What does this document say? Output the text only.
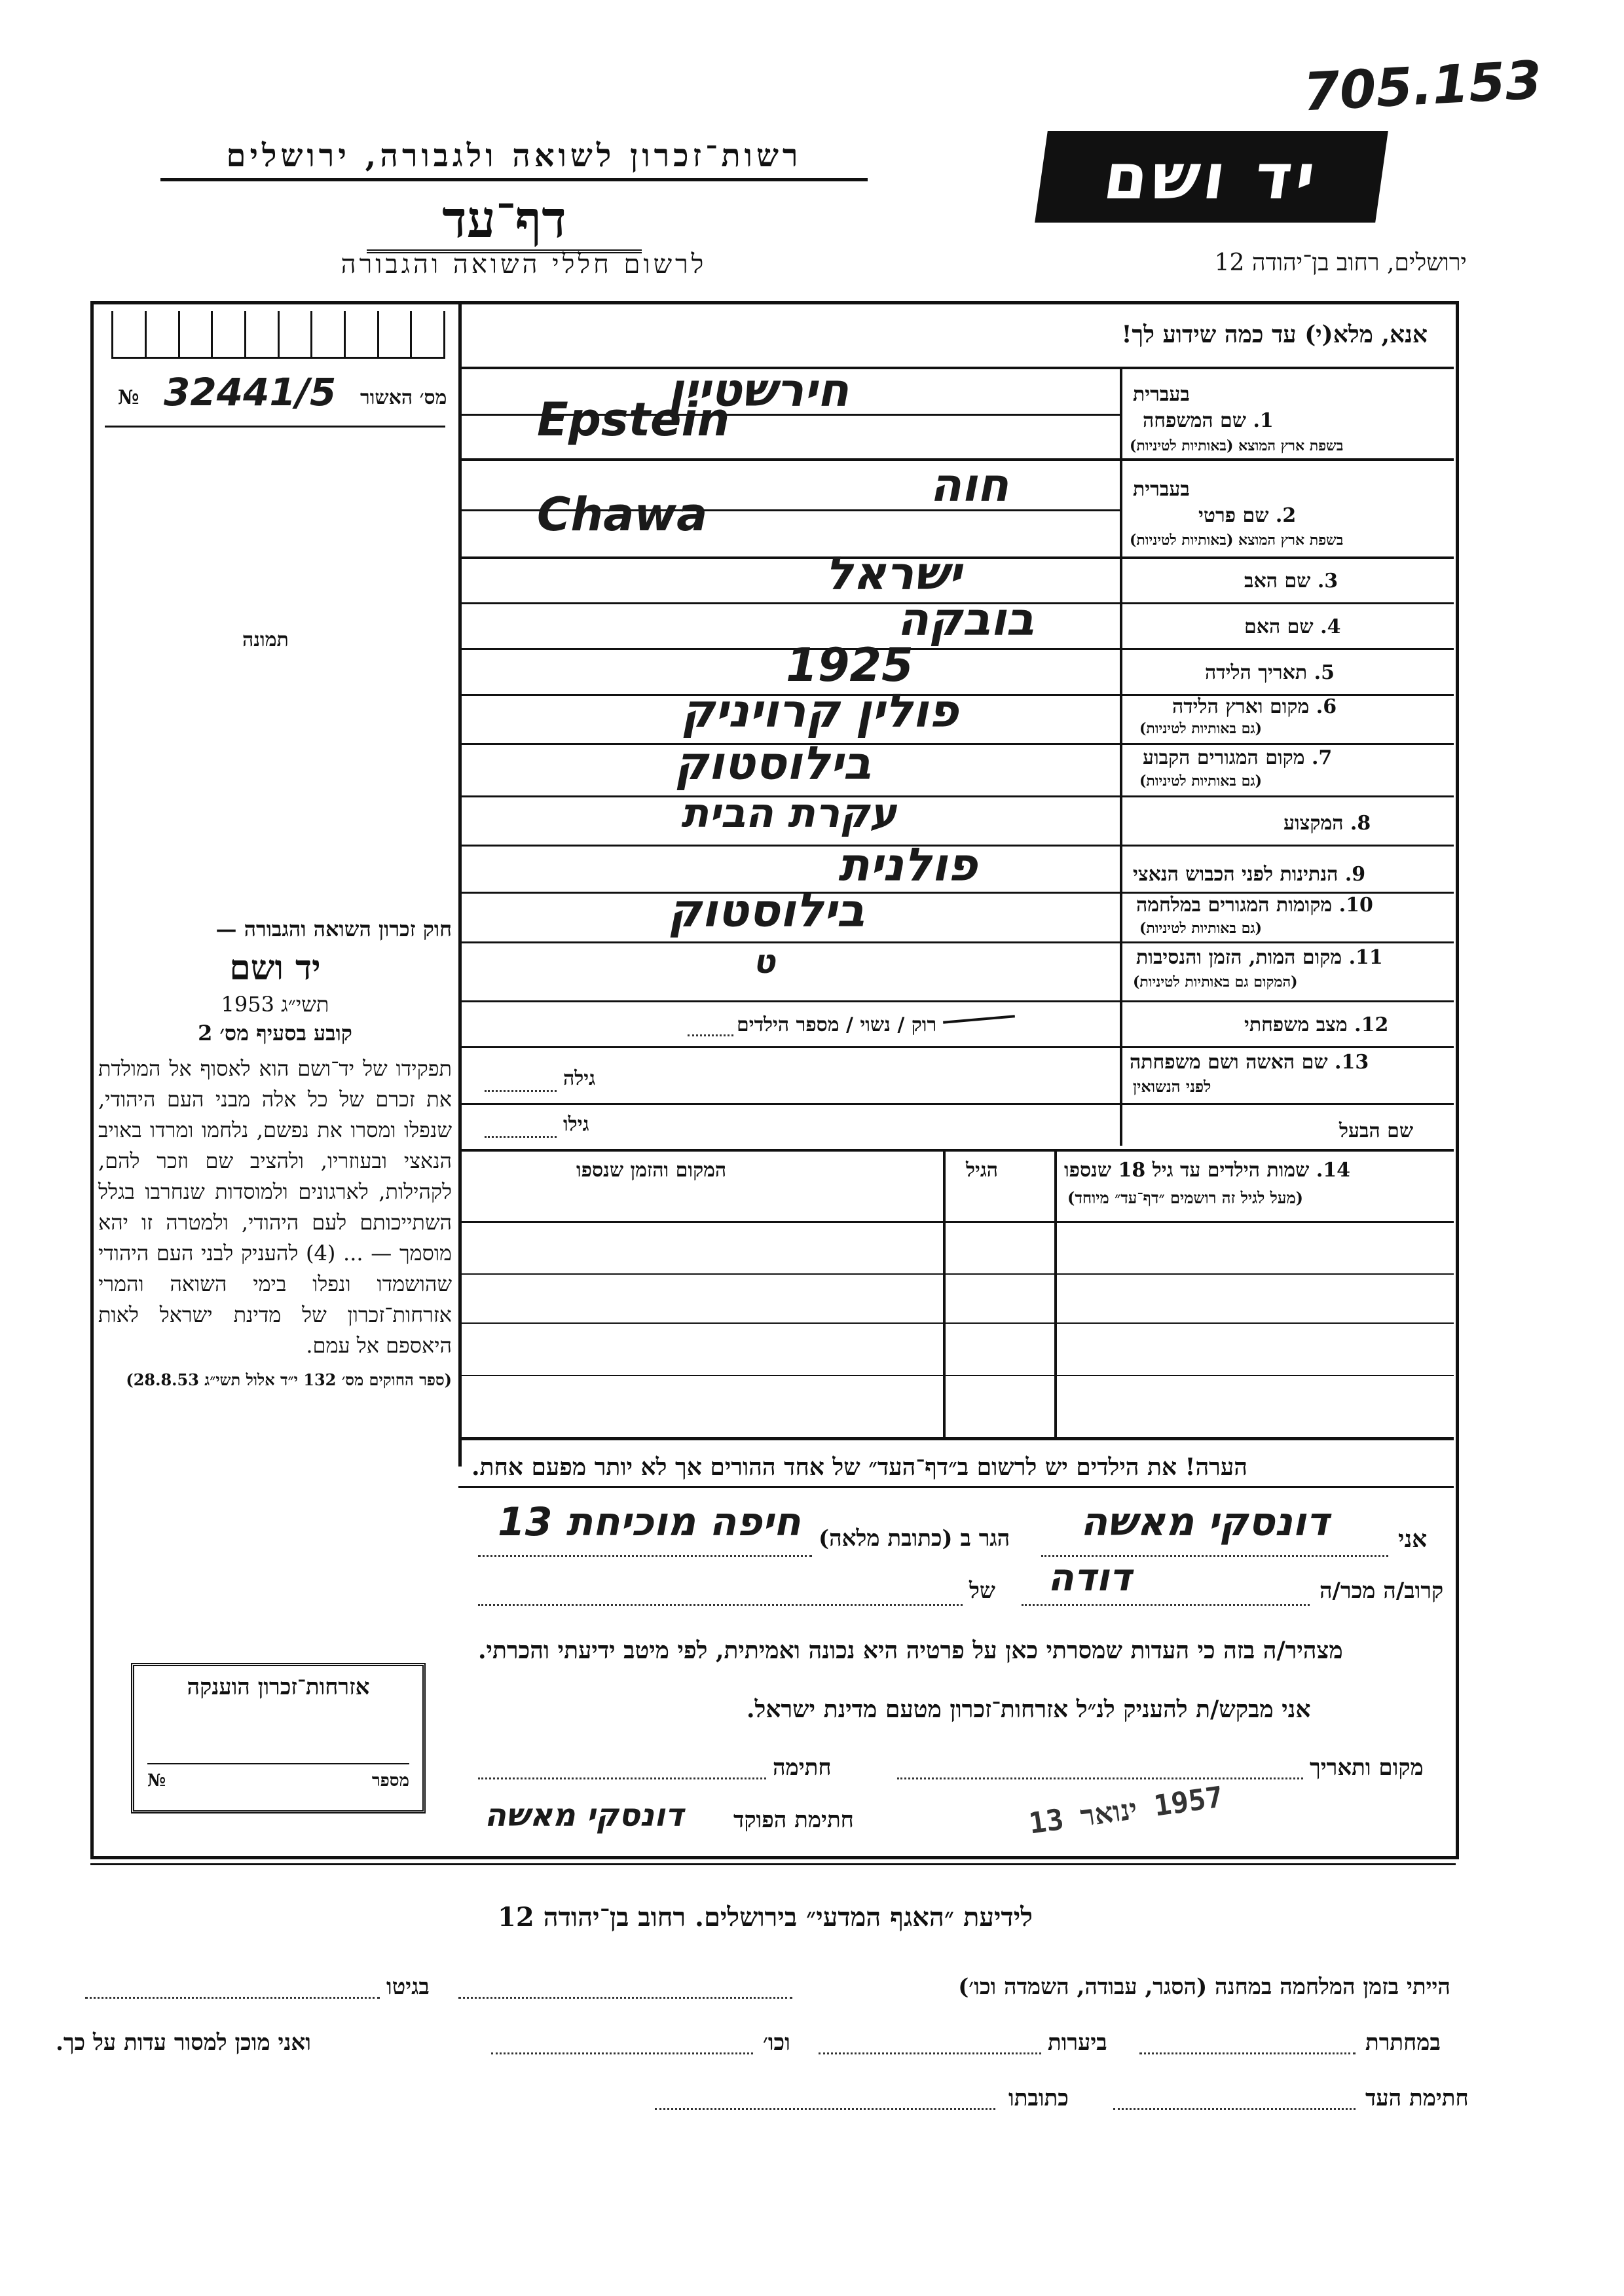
705.153
רשות־זכרון לשואה ולגבורה, ירושלים
דף־עד
לרשום חללי השואה והגבורה
יד ושם
ירושלים, רחוב בן־יהודה 12
אנא, מלא(י) עד כמה שידוע לך!
מס׳ האשור
№ 32441/5
תמונה
בעברית
1. שם המשפחה
בשפת ארץ המוצא (באותיות לטיניות)
חירשטיין
Epstein
בעברית
2. שם פרטי
בשפת ארץ המוצא (באותיות לטיניות)
חוה
Chawa
3. שם האב
ישראל
4. שם האם
בובקה
5. תאריך הלידה
1925
6. מקום וארץ הלידה
(גם באותיות לטיניות)
פולין קרויניק
7. מקום המגורים הקבוע
(גם באותיות לטיניות)
בילוסטוק
8. המקצוע
עקרת הבית
9. הנתינות לפני הכבוש הנאצי
פולנית
10. מקומות המגורים במלחמה
(גם באותיות לטיניות)
בילוסטוק
11. מקום המות, הזמן והנסיבות
(המקום גם באותיות לטיניות)
ט
12. מצב משפחתי
רוק / נשוי / מספר הילדים
13. שם האשה ושם משפחתה
לפני הנשואין
גילה
שם הבעל
גילו
14. שמות הילדים עד גיל 18 שנספו
(מעל לגיל זה רושמים ״דף־עד״ מיוחד)
הגיל
המקום והזמן שנספו
חוק זכרון השואה והגבורה —
יד ושם
תשי״ג 1953
קובע בסעיף מס׳ 2
תפקידו של יד־ושם הוא לאסוף אל המולדת את זכרם של כל אלה מבני העם היהודי, שנפלו ומסרו את נפשם, נלחמו ומרדו באויב הנאצי ובעוזריו, ולהציב שם וזכר להם, לקהילות, לארגונים ולמוסדות שנחרבו בגלל השתייכותם לעם היהודי, ולמטרה זו יהא מוסמך — ... (4) להעניק לבני העם היהודי שהושמדו ונפלו בימי השואה והמרי אזרחות־זכרון של מדינת ישראל לאות היאספם אל עמם.
(ספר החוקים מס׳ 132 י״ד אלול תשי״ג 28.8.53)
אזרחות־זכרון הוענקה
מספר
№
הערה! את הילדים יש לרשום ב״דף־העד״ של אחד ההורים אך לא יותר מפעם אחת.
אני
דונסקי מאשה
הגר ב (כתובת מלאה)
חיפה מוכיחת 13
קרוב/ה מכר/ה
דודה
של
מצהיר/ה בזה כי העדות שמסרתי כאן על פרטיה היא נכונה ואמיתית, לפי מיטב ידיעתי והכרתי.
אני מבקש/ת להעניק לנ״ל אזרחות־זכרון מטעם מדינת ישראל.
מקום ותאריך
חתימה
חתימת הפוקד
דונסקי מאשה	1957 ינואר 13
לידיעת ״האגף המדעי״ בירושלים. רחוב בן־יהודה 12
הייתי בזמן המלחמה במחנה (הסגר, עבודה, השמדה וכו׳)
בגיטו
במחתרת
ביערות
וכו׳
ואני מוכן למסור עדות על כך.
חתימת העד
כתובתו
